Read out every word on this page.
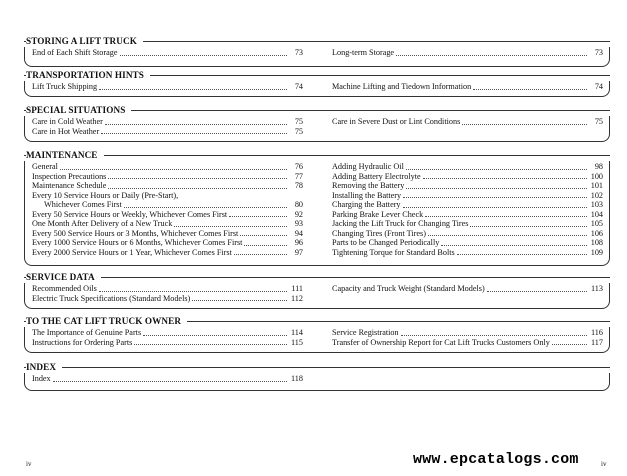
STORING A LIFT TRUCK
End of Each Shift Storage	73	Long-term Storage	73
TRANSPORTATION HINTS
Lift Truck Shipping	74	Machine Lifting and Tiedown Information	74
SPECIAL SITUATIONS
Care in Cold Weather	75
Care in Hot Weather	75
Care in Severe Dust or Lint Conditions	75
MAINTENANCE
General	76
Inspection Precautions	77
Maintenance Schedule	78
Every 10 Service Hours or Daily (Pre-Start),
Whichever Comes First	80
Every 50 Service Hours or Weekly, Whichever Comes First	92
One Month After Delivery of a New Truck	93
Every 500 Service Hours or 3 Months, Whichever Comes First	94
Every 1000 Service Hours or 6 Months, Whichever Comes First	96
Every 2000 Service Hours or 1 Year, Whichever Comes First	97
Adding Hydraulic Oil	98
Adding Battery Electrolyte	100
Removing the Battery	101
Installing the Battery	102
Charging the Battery	103
Parking Brake Lever Check	104
Jacking the Lift Truck for Changing Tires	105
Changing Tires (Front Tires)	106
Parts to be Changed Periodically	108
Tightening Torque for Standard Bolts	109
SERVICE DATA
Recommended Oils	111
Electric Truck Specifications (Standard Models)	112
Capacity and Truck Weight (Standard Models)	113
TO THE CAT LIFT TRUCK OWNER
The Importance of Genuine Parts	114
Instructions for Ordering Parts	115
Service Registration	116
Transfer of Ownership Report for Cat Lift Trucks Customers Only	117
INDEX
Index	118
iv	www.epcatalogs.com	iv
